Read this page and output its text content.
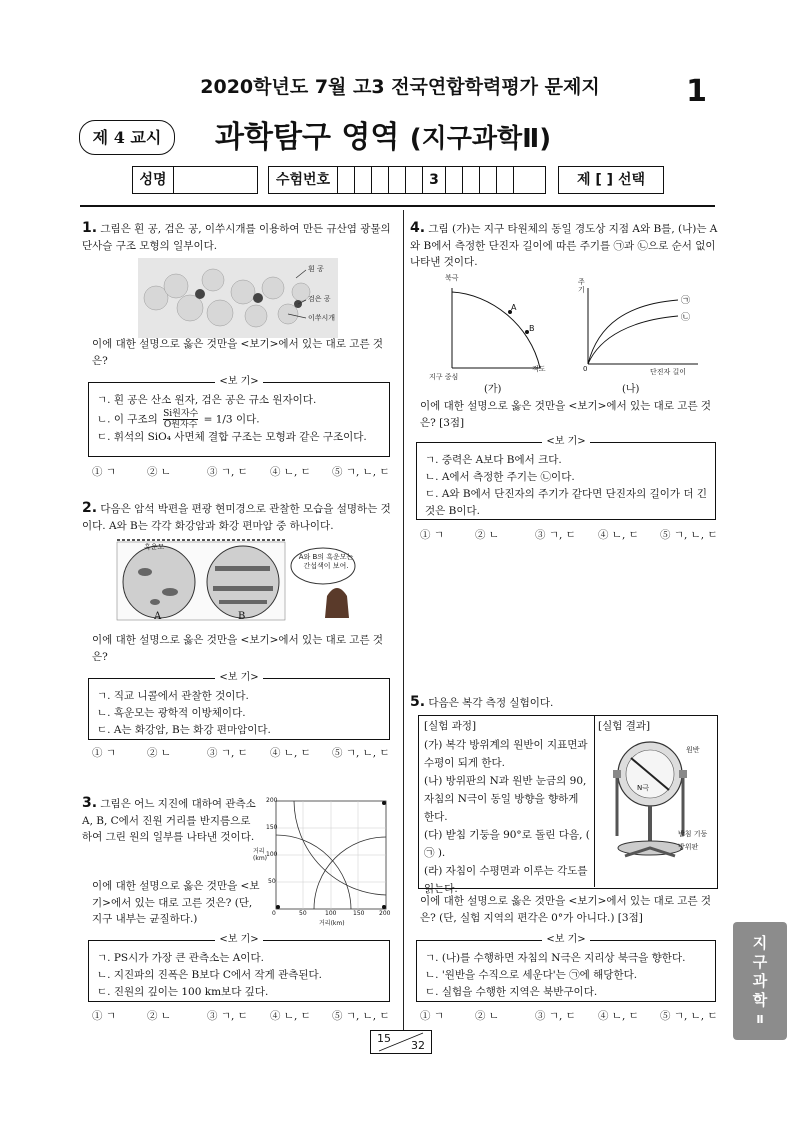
2020학년도 7월 고3 전국연합학력평가 문제지	1
제 4 교시	과학탐구 영역 (지구과학Ⅱ)
성명	수험번호	3	제 [ ] 선택
1. 그림은 흰 공, 검은 공, 이쑤시개를 이용하여 만든 규산염 광물의 단사슬 구조 모형의 일부이다.
흰 공
검은 공
이쑤시개
이에 대한 설명으로 옳은 것만을 <보기>에서 있는 대로 고른 것은?
<보 기>
ㄱ. 흰 공은 산소 원자, 검은 공은 규소 원자이다.
ㄴ. 이 구조의 Si원자수
O원자수 = 1/3 이다.
ㄷ. 휘석의 SiO₄ 사면체 결합 구조는 모형과 같은 구조이다.
① ㄱ	② ㄴ	③ ㄱ, ㄷ ④ ㄴ, ㄷ ⑤ ㄱ, ㄴ, ㄷ
2. 다음은 암석 박편을 편광 현미경으로 관찰한 모습을 설명하는 것이다. A와 B는 각각 화강암과 화강 편마암 중 하나이다.
흑운모
A와 B의 흑운모는 간섭색이 보여.
A	B
이에 대한 설명으로 옳은 것만을 <보기>에서 있는 대로 고른 것은?
<보 기>
ㄱ. 직교 니콜에서 관찰한 것이다.
ㄴ. 흑운모는 광학적 이방체이다.
ㄷ. A는 화강암, B는 화강 편마암이다.
① ㄱ	② ㄴ	③ ㄱ, ㄷ ④ ㄴ, ㄷ ⑤ ㄱ, ㄴ, ㄷ
3. 그림은 어느 지진에 대하여 관측소 A, B, C에서 진원 거리를 반지름으로 하여 그린 원의 일부를 나타낸 것이다.
이에 대한 설명으로 옳은 것만을 <보기>에서 있는 대로 고른 것은? (단, 지구 내부는 균질하다.)
200
150
100
50
0	50	100	150 200
거리(km)
거리(km)
<보 기>
ㄱ. PS시가 가장 큰 관측소는 A이다.
ㄴ. 지진파의 진폭은 B보다 C에서 작게 관측된다.
ㄷ. 진원의 깊이는 100 km보다 깊다.
① ㄱ	② ㄴ	③ ㄱ, ㄷ ④ ㄴ, ㄷ ⑤ ㄱ, ㄴ, ㄷ
4. 그림 (가)는 지구 타원체의 동일 경도상 지점 A와 B를, (나)는 A와 B에서 측정한 단진자 길이에 따른 주기를 ㉠과 ㉡으로 순서 없이 나타낸 것이다.
북극
A
B
지구 중심
적도
(가)
주기
㉠
㉡
0	단진자 길이
(나)
이에 대한 설명으로 옳은 것만을 <보기>에서 있는 대로 고른 것은? [3점]
<보 기>
ㄱ. 중력은 A보다 B에서 크다.
ㄴ. A에서 측정한 주기는 ㉡이다.
ㄷ. A와 B에서 단진자의 주기가 같다면 단진자의 길이가 더 긴 것은 B이다.
① ㄱ	② ㄴ	③ ㄱ, ㄷ ④ ㄴ, ㄷ ⑤ ㄱ, ㄴ, ㄷ
5. 다음은 복각 측정 실험이다.
[실험 과정]	[실험 결과]
(가) 복각 방위계의 원반이 지표면과 수평이 되게 한다.
(나) 방위판의 N과 원반 눈금의 90, 자침의 N극이 동일 방향을 향하게 한다.
(다) 받침 기둥을 90°로 돌린 다음, ( ㉠ ).
(라) 자침이 수평면과 이루는 각도를 읽는다.
원반
N극
받침 기둥
방위판
이에 대한 설명으로 옳은 것만을 <보기>에서 있는 대로 고른 것은? (단, 실험 지역의 편각은 0°가 아니다.) [3점]
<보 기>
ㄱ. (나)를 수행하면 자침의 N극은 지리상 북극을 향한다.
ㄴ. '원반을 수직으로 세운다'는 ㉠에 해당한다.
ㄷ. 실험을 수행한 지역은 북반구이다.
① ㄱ	② ㄴ	③ ㄱ, ㄷ ④ ㄴ, ㄷ ⑤ ㄱ, ㄴ, ㄷ
지
구
과
학
Ⅱ
15
32
